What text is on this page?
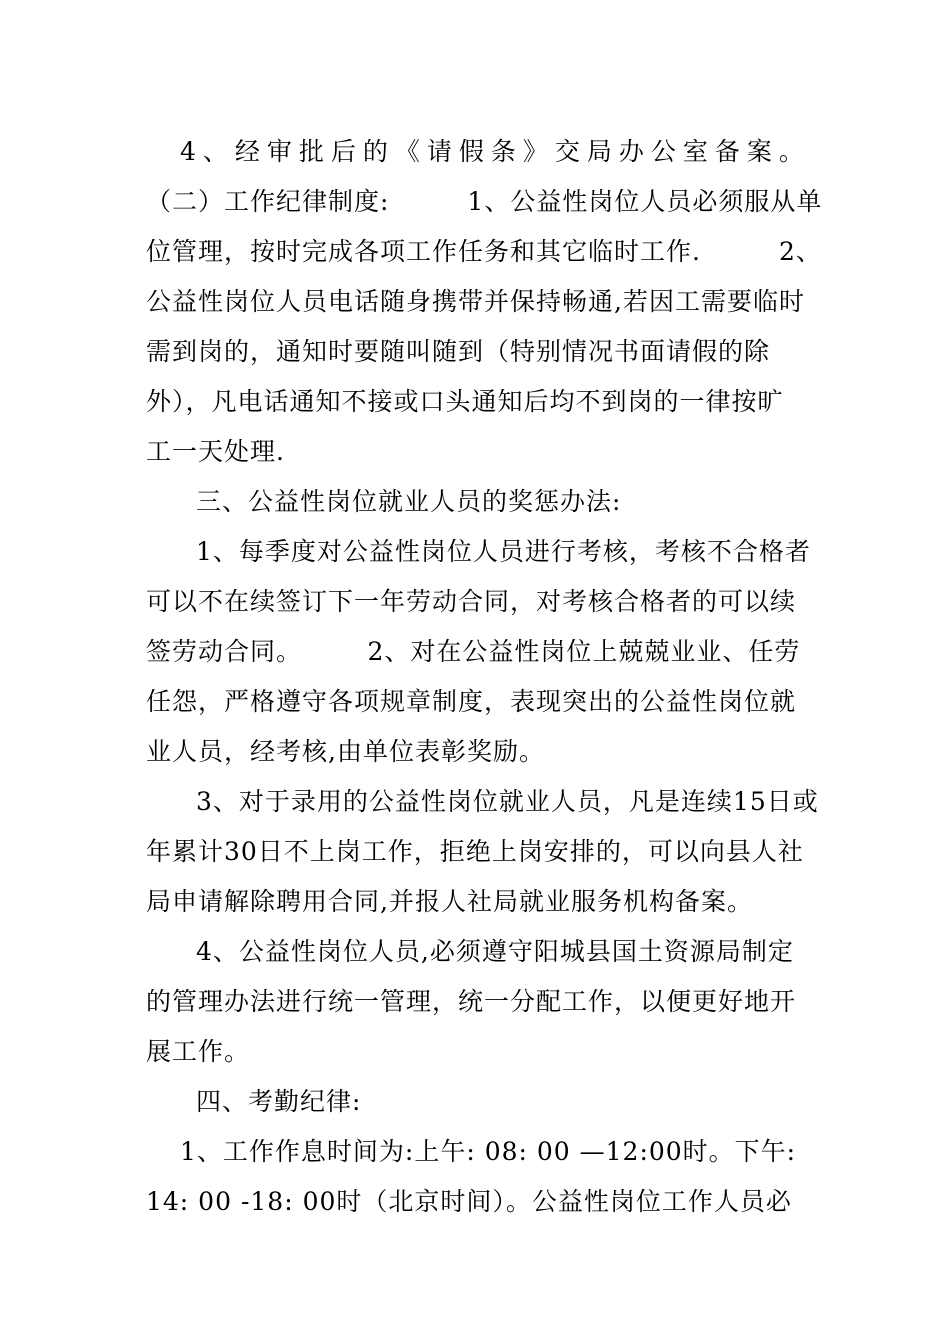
4、经审批后的《请假条》交局办公室备案。
（二）工作纪律制度:　　　1、公益性岗位人员必须服从单
位管理，按时完成各项工作任务和其它临时工作.　　　2、
公益性岗位人员电话随身携带并保持畅通,若因工需要临时
需到岗的，通知时要随叫随到（特别情况书面请假的除
外），凡电话通知不接或口头通知后均不到岗的一律按旷
工一天处理.
三、公益性岗位就业人员的奖惩办法:
1、每季度对公益性岗位人员进行考核，考核不合格者
可以不在续签订下一年劳动合同，对考核合格者的可以续
签劳动合同。　　　2、对在公益性岗位上兢兢业业、任劳
任怨，严格遵守各项规章制度，表现突出的公益性岗位就
业人员，经考核,由单位表彰奖励。
3、对于录用的公益性岗位就业人员，凡是连续15日或
年累计30日不上岗工作，拒绝上岗安排的，可以向县人社
局申请解除聘用合同,并报人社局就业服务机构备案。
4、公益性岗位人员,必须遵守阳城县国土资源局制定
的管理办法进行统一管理，统一分配工作，以便更好地开
展工作。
四、考勤纪律:
1、工作作息时间为:上午: 08: 00 —12:00时。下午:
14: 00 -18: 00时（北京时间）。公益性岗位工作人员必
